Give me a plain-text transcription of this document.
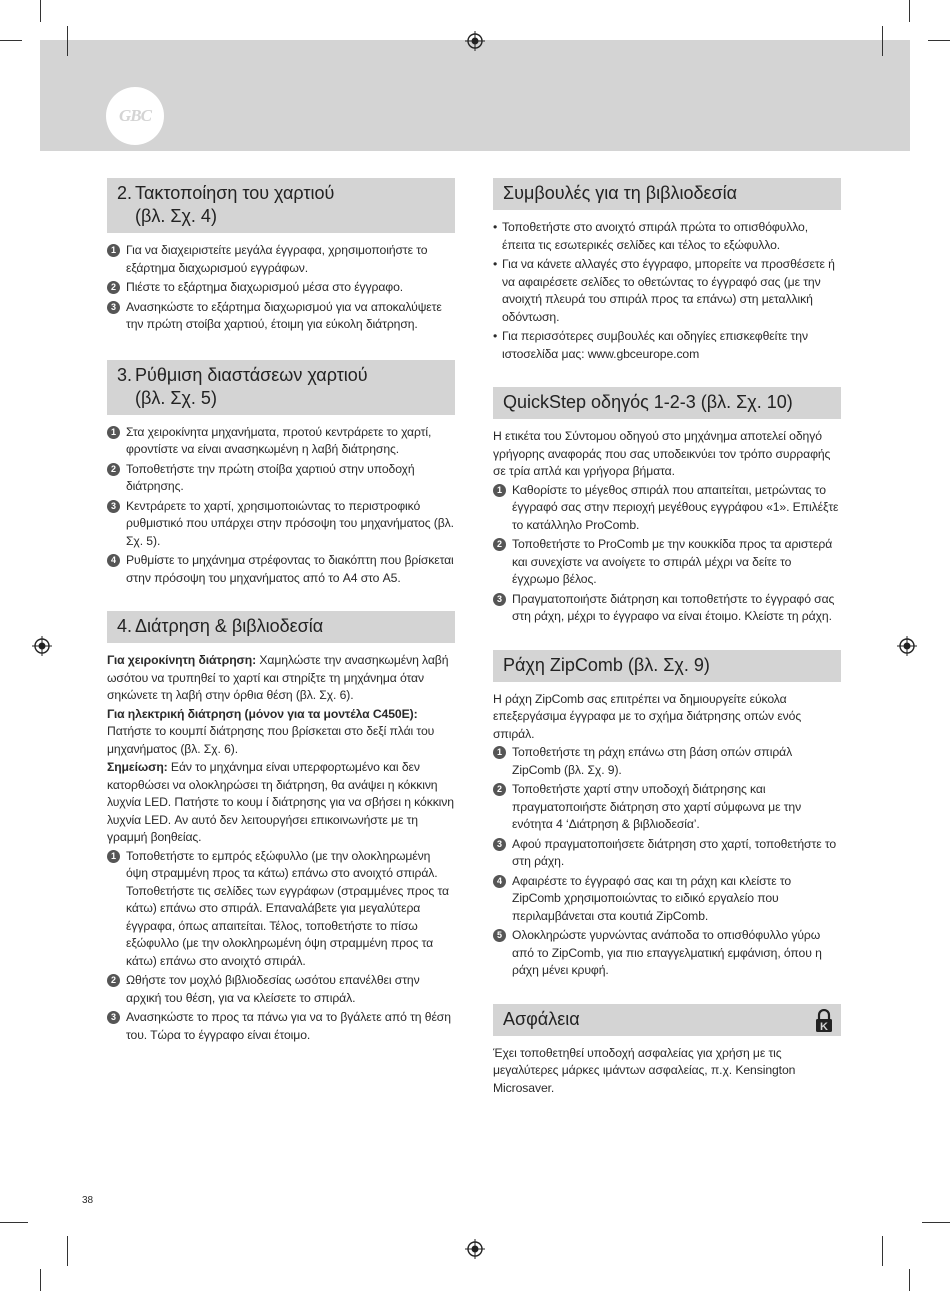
GBC
2. Τακτοποίηση του χαρτιού
(βλ. Σχ. 4)
1 Για να διαχειριστείτε μεγάλα έγγραφα, χρησιμοποιήστε το εξάρτημα διαχωρισμού εγγράφων.
2 Πιέστε το εξάρτημα διαχωρισμού μέσα στο έγγραφο.
3 Ανασηκώστε το εξάρτημα διαχωρισμού για να αποκαλύψετε την πρώτη στοίβα χαρτιού, έτοιμη για εύκολη διάτρηση.
3. Ρύθμιση διαστάσεων χαρτιού
(βλ. Σχ. 5)
1 Στα χειροκίνητα μηχανήματα, προτού κεντράρετε το χαρτί, φροντίστε να είναι ανασηκωμένη η λαβή διάτρησης.
2 Τοποθετήστε την πρώτη στοίβα χαρτιού στην υποδοχή διάτρησης.
3 Κεντράρετε το χαρτί, χρησιμοποιώντας το περιστροφικό ρυθμιστικό που υπάρχει στην πρόσοψη του μηχανήματος (βλ. Σχ. 5).
4 Ρυθμίστε το μηχάνημα στρέφοντας το διακόπτη που βρίσκεται στην πρόσοψη του μηχανήματος από το A4 στο A5.
4. Διάτρηση & βιβλιοδεσία
Για χειροκίνητη διάτρηση: Χαμηλώστε την ανασηκωμένη λαβή ωσότου να τρυπηθεί το χαρτί και στηρίξτε τη μηχάνημα όταν σηκώνετε τη λαβή στην όρθια θέση (βλ. Σχ. 6).
Για ηλεκτρική διάτρηση (μόνον για τα μοντέλα C450E):
Πατήστε το κουμπί διάτρησης που βρίσκεται στο δεξί πλάι του μηχανήματος (βλ. Σχ. 6).
Σημείωση: Εάν το μηχάνημα είναι υπερφορτωμένο και δεν κατορθώσει να ολοκληρώσει τη διάτρηση, θα ανάψει η κόκκινη λυχνία LED. Πατήστε το κουμ ί διάτρησης για να σβήσει η κόκκινη λυχνία LED. Αν αυτό δεν λειτουργήσει επικοινωνήστε με τη γραμμή βοηθείας.
1 Τοποθετήστε το εμπρός εξώφυλλο (με την ολοκληρωμένη όψη στραμμένη προς τα κάτω) επάνω στο ανοιχτό σπιράλ. Τοποθετήστε τις σελίδες των εγγράφων (στραμμένες προς τα κάτω) επάνω στο σπιράλ. Επαναλάβετε για μεγαλύτερα έγγραφα, όπως απαιτείται. Τέλος, τοποθετήστε το πίσω εξώφυλλο (με την ολοκληρωμένη όψη στραμμένη προς τα κάτω) επάνω στο ανοιχτό σπιράλ.
2 Ωθήστε τον μοχλό βιβλιοδεσίας ωσότου επανέλθει στην αρχική του θέση, για να κλείσετε το σπιράλ.
3 Ανασηκώστε το προς τα πάνω για να το βγάλετε από τη θέση του. Τώρα το έγγραφο είναι έτοιμο.
Συμβουλές για τη βιβλιοδεσία
• Τοποθετήστε στο ανοιχτό σπιράλ πρώτα το οπισθόφυλλο, έπειτα τις εσωτερικές σελίδες και τέλος το εξώφυλλο.
• Για να κάνετε αλλαγές στο έγγραφο, μπορείτε να προσθέσετε ή να αφαιρέσετε σελίδες το οθετώντας το έγγραφό σας (με την ανοιχτή πλευρά του σπιράλ προς τα επάνω) στη μεταλλική οδόντωση.
• Για περισσότερες συμβουλές και οδηγίες επισκεφθείτε την ιστοσελίδα μας: www.gbceurope.com
QuickStep οδηγός 1-2-3 (βλ. Σχ. 10)
Η ετικέτα του Σύντομου οδηγού στο μηχάνημα αποτελεί οδηγό γρήγορης αναφοράς που σας υποδεικνύει τον τρόπο συρραφής σε τρία απλά και γρήγορα βήματα.
1 Καθορίστε το μέγεθος σπιράλ που απαιτείται, μετρώντας το έγγραφό σας στην περιοχή μεγέθους εγγράφου «1». Επιλέξτε το κατάλληλο ProComb.
2 Τοποθετήστε το ProComb με την κουκκίδα προς τα αριστερά και συνεχίστε να ανοίγετε το σπιράλ μέχρι να δείτε το έγχρωμο βέλος.
3 Πραγματοποιήστε διάτρηση και τοποθετήστε το έγγραφό σας στη ράχη, μέχρι το έγγραφο να είναι έτοιμο. Κλείστε τη ράχη.
Ράχη ZipComb (βλ. Σχ. 9)
Η ράχη ZipComb σας επιτρέπει να δημιουργείτε εύκολα επεξεργάσιμα έγγραφα με το σχήμα διάτρησης οπών ενός σπιράλ.
1 Τοποθετήστε τη ράχη επάνω στη βάση οπών σπιράλ ZipComb (βλ. Σχ. 9).
2 Τοποθετήστε χαρτί στην υποδοχή διάτρησης και πραγματοποιήστε διάτρηση στο χαρτί σύμφωνα με την ενότητα 4 ‘Διάτρηση & βιβλιοδεσία’.
3 Αφού πραγματοποιήσετε διάτρηση στο χαρτί, τοποθετήστε το στη ράχη.
4 Αφαιρέστε το έγγραφό σας και τη ράχη και κλείστε το ZipComb χρησιμοποιώντας το ειδικό εργαλείο που περιλαμβάνεται στα κουτιά ZipComb.
5 Ολοκληρώστε γυρνώντας ανάποδα το οπισθόφυλλο γύρω από το ZipComb, για πιο επαγγελματική εμφάνιση, όπου η ράχη μένει κρυφή.
Ασφάλεια	K
Έχει τοποθετηθεί υποδοχή ασφαλείας για χρήση με τις μεγαλύτερες μάρκες ιμάντων ασφαλείας, π.χ. Kensington Microsaver.
38
